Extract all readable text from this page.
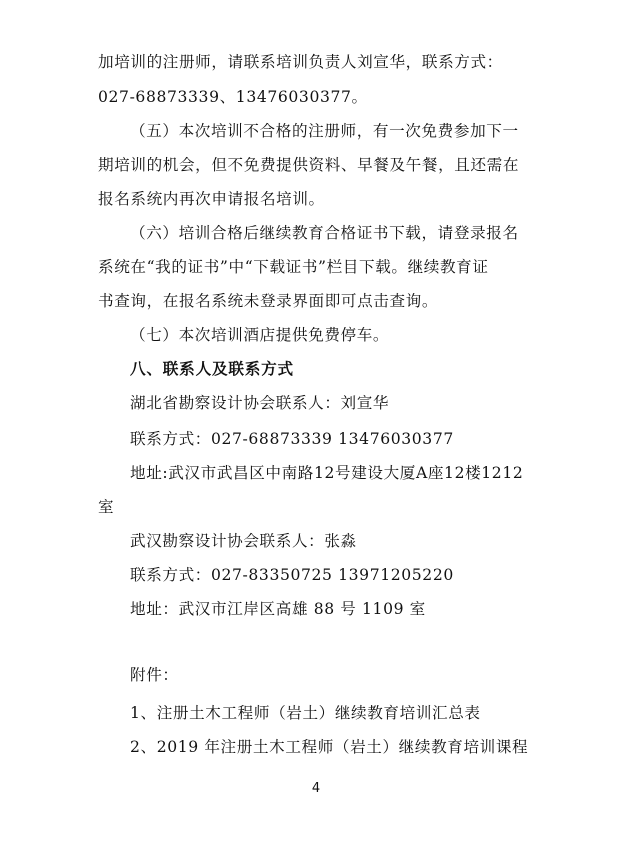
加培训的注册师，请联系培训负责人刘宣华，联系方式：
027-68873339、13476030377。
（五）本次培训不合格的注册师，有一次免费参加下一
期培训的机会，但不免费提供资料、早餐及午餐，且还需在
报名系统内再次申请报名培训。
（六）培训合格后继续教育合格证书下载，请登录报名
系统在“我的证书”中“下载证书”栏目下载。继续教育证
书查询，在报名系统未登录界面即可点击查询。
（七）本次培训酒店提供免费停车。
八、联系人及联系方式
湖北省勘察设计协会联系人：刘宣华
联系方式：027-68873339 13476030377
地址:武汉市武昌区中南路12号建设大厦A座12楼1212
室
武汉勘察设计协会联系人：张淼
联系方式：027-83350725 13971205220
地址：武汉市江岸区高雄 88 号 1109 室
附件：
1、注册土木工程师（岩土）继续教育培训汇总表
2、2019 年注册土木工程师（岩土）继续教育培训课程
4
